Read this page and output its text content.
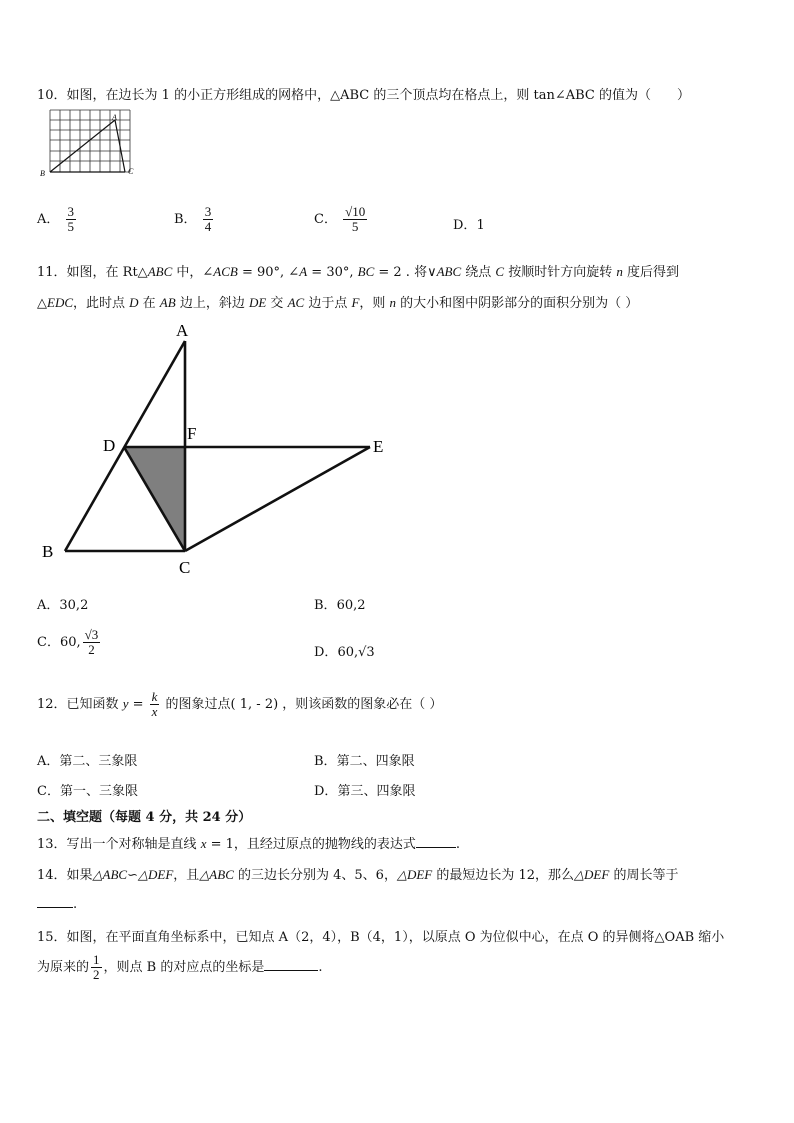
10．如图，在边长为 1 的小正方形组成的网格中，△ABC 的三个顶点均在格点上，则 tan∠ABC 的值为（　　）
A
B	C
A． $\frac{3}{5}$	B． $\frac{3}{4}$	C． $\frac{√10}{5}$	D．1
11．如图，在 Rt△ABC 中，∠ACB = 90°, ∠A = 30°, BC = 2 . 将∨ABC 绕点 C 按顺时针方向旋转 n 度后得到
△EDC，此时点 D 在 AB 边上，斜边 DE 交 AC 边于点 F，则 n 的大小和图中阴影部分的面积分别为（ ）
A
B
C
D	E
F
A．30,2	B．60,2
C．60, $\frac{√3}{2}$	D．60,√3
12．已知函数 $y = \frac{k}{x}$ 的图象过点( 1, - 2) ，则该函数的图象必在（ ）
A．第二、三象限	B．第二、四象限
C．第一、三象限	D．第三、四象限
二、填空题（每题 4 分，共 24 分）
13．写出一个对称轴是直线 x = 1，且经过原点的抛物线的表达式	.
14．如果△ABC∽△DEF，且△ABC 的三边长分别为 4、5、6，△DEF 的最短边长为 12，那么△DEF 的周长等于
.
15．如图，在平面直角坐标系中，已知点 A（2，4），B（4，1），以原点 O 为位似中心，在点 O 的异侧将△OAB 缩小
为原来的 $\frac{1}{2}$ ，则点 B 的对应点的坐标是	.
